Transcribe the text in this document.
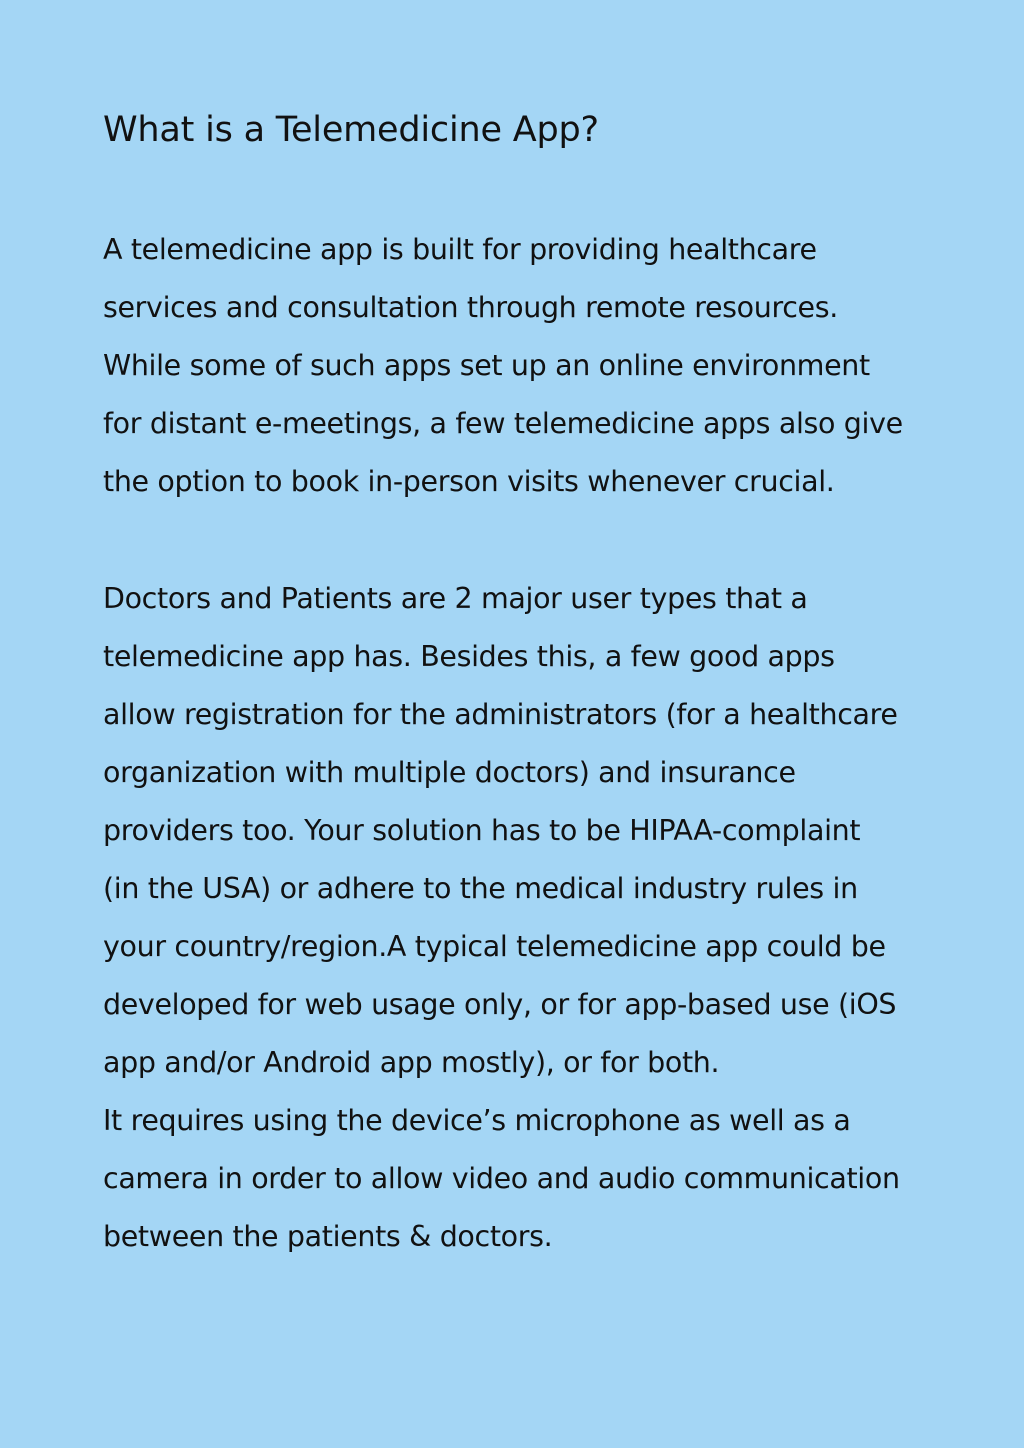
What is a Telemedicine App?

A telemedicine app is built for providing healthcare
services and consultation through remote resources.
While some of such apps set up an online environment
for distant e-meetings, a few telemedicine apps also give
the option to book in-person visits whenever crucial.

Doctors and Patients are 2 major user types that a
telemedicine app has. Besides this, a few good apps
allow registration for the administrators (for a healthcare
organization with multiple doctors) and insurance
providers too. Your solution has to be HIPAA-complaint
(in the USA) or adhere to the medical industry rules in
your country/region.A typical telemedicine app could be
developed for web usage only, or for app-based use (iOS
app and/or Android app mostly), or for both.
It requires using the device’s microphone as well as a
camera in order to allow video and audio communication
between the patients & doctors.
